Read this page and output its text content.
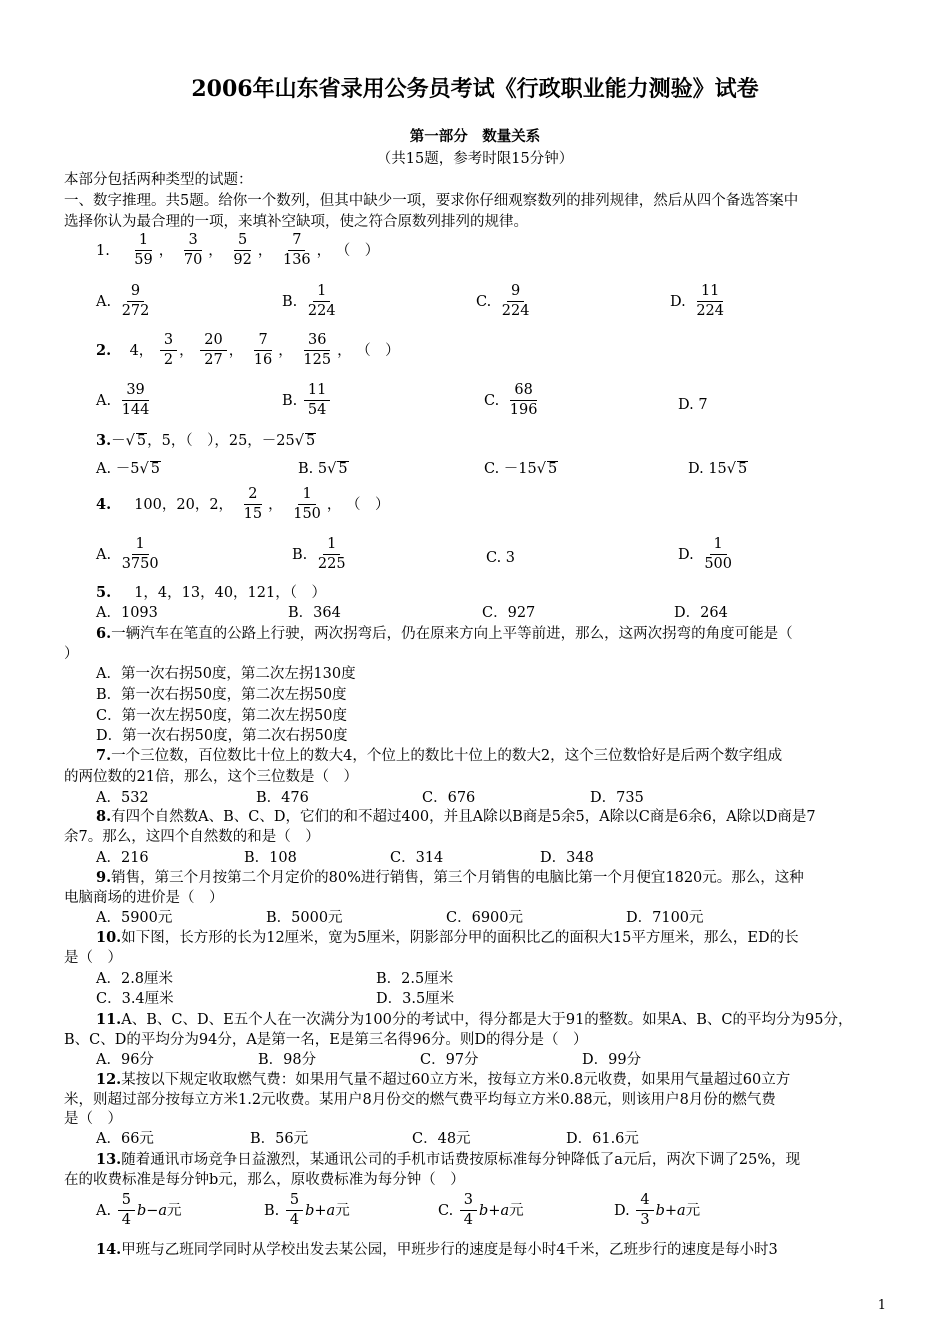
2006年山东省录用公务员考试《行政职业能力测验》试卷
第一部分　数量关系
（共15题，参考时限15分钟）
本部分包括两种类型的试题：
一、数字推理。共5题。给你一个数列，但其中缺少一项，要求你仔细观察数列的排列规律，然后从四个备选答案中
选择你认为最合理的一项，来填补空缺项，使之符合原数列排列的规律。
1. $\frac{1}{59}$ ， $\frac{3}{70}$ ， $\frac{5}{92}$ ， $\frac{7}{136}$ ， （　）
A. $\frac{9}{272}$	B. $\frac{1}{224}$	C. $\frac{9}{224}$	D. $\frac{11}{224}$
2. 4， $\frac{3}{2}$ ， $\frac{20}{27}$ ， $\frac{7}{16}$ ， $\frac{36}{125}$ ， （　）
A. $\frac{39}{144}$	B. $\frac{11}{54}$	C. $\frac{68}{196}$	D. 7
3.－√ 5，5，（　），25，－25√ 5
A. －5√ 5	B. 5√ 5	C. －15√ 5	D. 15√ 5
4. 100，20，2， $\frac{2}{15}$ ， $\frac{1}{150}$ ， （　）
A. $\frac{1}{3750}$	B. $\frac{1}{225}$	C. 3	D. $\frac{1}{500}$
5. 1，4，13，40，121，（　）
A．1093	B．364	C．927	D．264
6.一辆汽车在笔直的公路上行驶，两次拐弯后，仍在原来方向上平等前进，那么，这两次拐弯的角度可能是（
）
A．第一次右拐50度，第二次左拐130度
B．第一次右拐50度，第二次左拐50度
C．第一次左拐50度，第二次左拐50度
D．第一次右拐50度，第二次右拐50度
7.一个三位数，百位数比十位上的数大4，个位上的数比十位上的数大2，这个三位数恰好是后两个数字组成
的两位数的21倍，那么，这个三位数是（　）
A．532	B．476	C．676	D．735
8.有四个自然数A、B、C、D，它们的和不超过400，并且A除以B商是5余5，A除以C商是6余6，A除以D商是7
余7。那么，这四个自然数的和是（　）
A．216	B．108	C．314	D．348
9.销售，第三个月按第二个月定价的80%进行销售，第三个月销售的电脑比第一个月便宜1820元。那么，这种
电脑商场的进价是（　）
A．5900元	B．5000元	C．6900元	D．7100元
10.如下图，长方形的长为12厘米，宽为5厘米，阴影部分甲的面积比乙的面积大15平方厘米，那么，ED的长
是（　）
A．2.8厘米	B．2.5厘米
C．3.4厘米	D．3.5厘米
11.A、B、C、D、E五个人在一次满分为100分的考试中，得分都是大于91的整数。如果A、B、C的平均分为95分，
B、C、D的平均分为94分，A是第一名，E是第三名得96分。则D的得分是（　）
A．96分	B．98分	C．97分	D．99分
12.某按以下规定收取燃气费：如果用气量不超过60立方米，按每立方米0.8元收费，如果用气量超过60立方
米，则超过部分按每立方米1.2元收费。某用户8月份交的燃气费平均每立方米0.88元，则该用户8月份的燃气费
是（　）
A．66元	B．56元	C．48元	D．61.6元
13.随着通讯市场竞争日益激烈，某通讯公司的手机市话费按原标准每分钟降低了a元后，两次下调了25%，现
在的收费标准是每分钟b元，那么，原收费标准为每分钟（　）
A. $\frac{5}{4} b-a$元	B. $\frac{5}{4} b+a$元	C. $\frac{3}{4} b+a$元	D. $\frac{4}{3} b+a$元
14.甲班与乙班同学同时从学校出发去某公园，甲班步行的速度是每小时4千米，乙班步行的速度是每小时3
1
